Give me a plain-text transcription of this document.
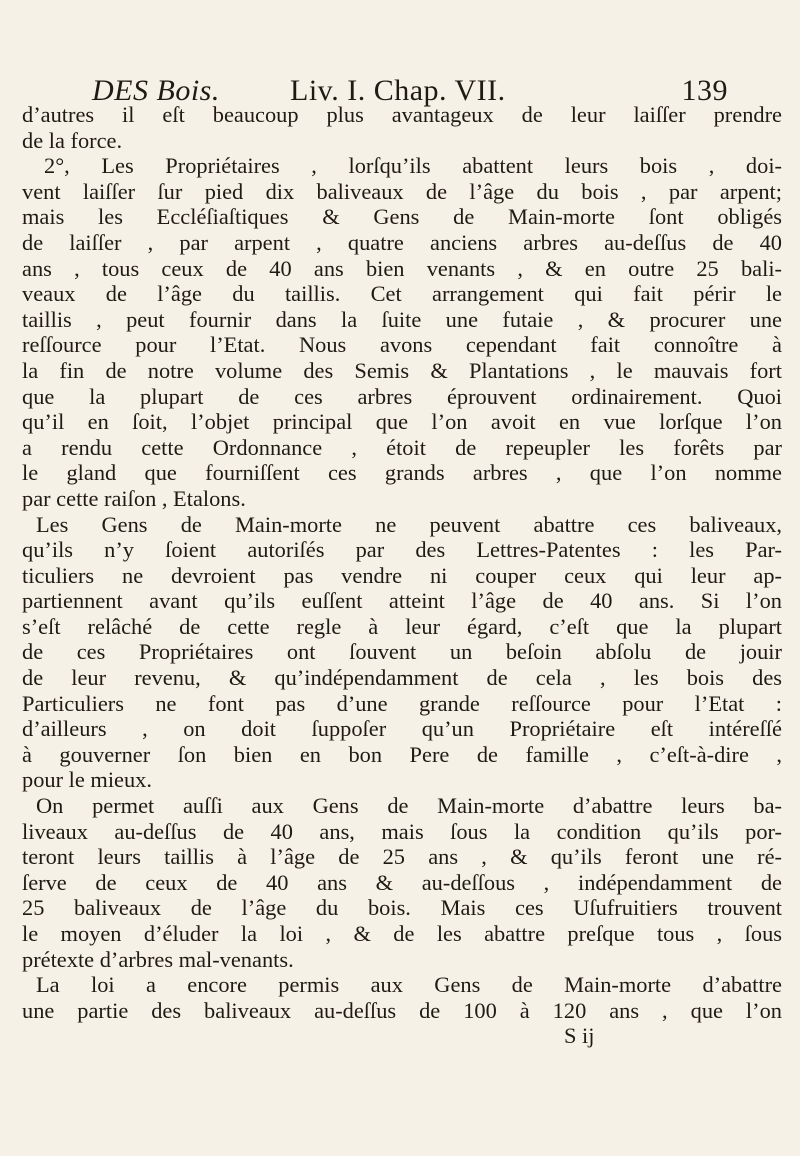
DES Bois. Liv. I. Chap. VII.	139
d’autres il eſt beaucoup plus avantageux de leur laiſſer prendre
de la force.
2°, Les Propriétaires , lorſqu’ils abattent leurs bois , doi-
vent laiſſer ſur pied dix baliveaux de l’âge du bois , par arpent;
mais les Eccléſiaſtiques & Gens de Main-morte ſont obligés
de laiſſer , par arpent , quatre anciens arbres au-deſſus de 40
ans , tous ceux de 40 ans bien venants , & en outre 25 bali-
veaux de l’âge du taillis. Cet arrangement qui fait périr le
taillis , peut fournir dans la ſuite une futaie , & procurer une
reſſource pour l’Etat. Nous avons cependant fait connoître à
la fin de notre volume des Semis & Plantations , le mauvais fort
que la plupart de ces arbres éprouvent ordinairement. Quoi
qu’il en ſoit, l’objet principal que l’on avoit en vue lorſque l’on
a rendu cette Ordonnance , étoit de repeupler les forêts par
le gland que fourniſſent ces grands arbres , que l’on nomme
par cette raiſon , Etalons.
Les Gens de Main-morte ne peuvent abattre ces baliveaux,
qu’ils n’y ſoient autoriſés par des Lettres-Patentes : les Par-
ticuliers ne devroient pas vendre ni couper ceux qui leur ap-
partiennent avant qu’ils euſſent atteint l’âge de 40 ans. Si l’on
s’eſt relâché de cette regle à leur égard, c’eſt que la plupart
de ces Propriétaires ont ſouvent un beſoin abſolu de jouir
de leur revenu, & qu’indépendamment de cela , les bois des
Particuliers ne font pas d’une grande reſſource pour l’Etat :
d’ailleurs , on doit ſuppoſer qu’un Propriétaire eſt intéreſſé
à gouverner ſon bien en bon Pere de famille , c’eſt-à-dire ,
pour le mieux.
On permet auſſi aux Gens de Main-morte d’abattre leurs ba-
liveaux au-deſſus de 40 ans, mais ſous la condition qu’ils por-
teront leurs taillis à l’âge de 25 ans , & qu’ils feront une ré-
ſerve de ceux de 40 ans & au-deſſous , indépendamment de
25 baliveaux de l’âge du bois. Mais ces Uſufruitiers trouvent
le moyen d’éluder la loi , & de les abattre preſque tous , ſous
prétexte d’arbres mal-venants.
La loi a encore permis aux Gens de Main-morte d’abattre
une partie des baliveaux au-deſſus de 100 à 120 ans , que l’on
S ij
